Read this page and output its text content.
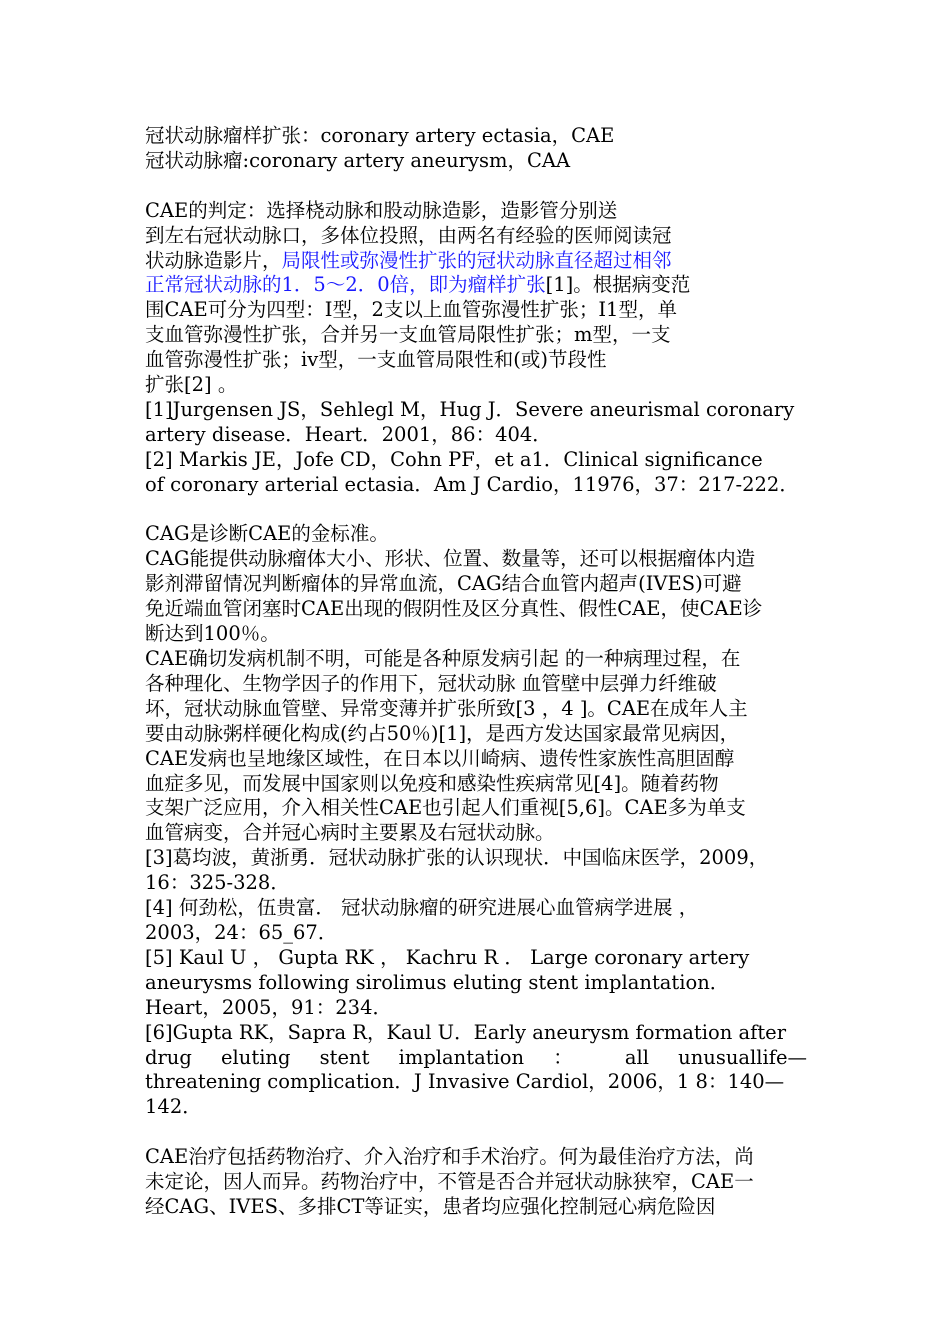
冠状动脉瘤样扩张：coronary artery ectasia，CAE
冠状动脉瘤:coronary artery aneurysm，CAA
CAE的判定：选择桡动脉和股动脉造影，造影管分别送
到左右冠状动脉口，多体位投照，由两名有经验的医师阅读冠
状动脉造影片，局限性或弥漫性扩张的冠状动脉直径超过相邻
正常冠状动脉的1．5～2．0倍，即为瘤样扩张[1]。根据病变范
围CAE可分为四型：I型，2支以上血管弥漫性扩张；I1型，单
支血管弥漫性扩张，合并另一支血管局限性扩张；m型，一支
血管弥漫性扩张；iv型，一支血管局限性和(或)节段性
扩张[2] 。
[1]Jurgensen JS，Sehlegl M，Hug J．Severe aneurismal coronary
artery disease．Heart．2001，86：404．
[2] Markis JE，Jofe CD，Cohn PF，et a1．Clinical significance
of coronary arterial ectasia．Am J Cardio，11976，37：217-222．
CAG是诊断CAE的金标准。
CAG能提供动脉瘤体大小、形状、位置、数量等，还可以根据瘤体内造
影剂滞留情况判断瘤体的异常血流，CAG结合血管内超声(IVES)可避
免近端血管闭塞时CAE出现的假阴性及区分真性、假性CAE，使CAE诊
断达到100％。
CAE确切发病机制不明，可能是各种原发病引起 的一种病理过程，在
各种理化、生物学因子的作用下，冠状动脉 血管壁中层弹力纤维破
坏，冠状动脉血管壁、异常变薄并扩张所致[3 ，4 ]。CAE在成年人主
要由动脉粥样硬化构成(约占50％)[1]，是西方发达国家最常见病因，
CAE发病也呈地缘区域性，在日本以川崎病、遗传性家族性高胆固醇
血症多见，而发展中国家则以免疫和感染性疾病常见[4]。随着药物
支架广泛应用，介入相关性CAE也引起人们重视[5,6]。CAE多为单支
血管病变，合并冠心病时主要累及右冠状动脉。
[3]葛均波，黄浙勇．冠状动脉扩张的认识现状．中国临床医学，2009，
16：325-328．
[4] 何劲松，伍贵富． 冠状动脉瘤的研究进展心血管病学进展 ，
2003，24：65_67．
[5] Kaul U ， Gupta RK ， Kachru R ． Large coronary artery
aneurysms following sirolimus eluting stent implantation．
Heart，2005，91：234．
[6]Gupta RK，Sapra R，Kaul U．Early aneurysm formation after
drug eluting stent implantation ： all unusuallife—
threatening complication．J Invasive Cardiol，2006，1 8：140—
142．
CAE治疗包括药物治疗、介入治疗和手术治疗。何为最佳治疗方法，尚
未定论，因人而异。药物治疗中，不管是否合并冠状动脉狭窄，CAE一
经CAG、IVES、多排CT等证实，患者均应强化控制冠心病危险因
